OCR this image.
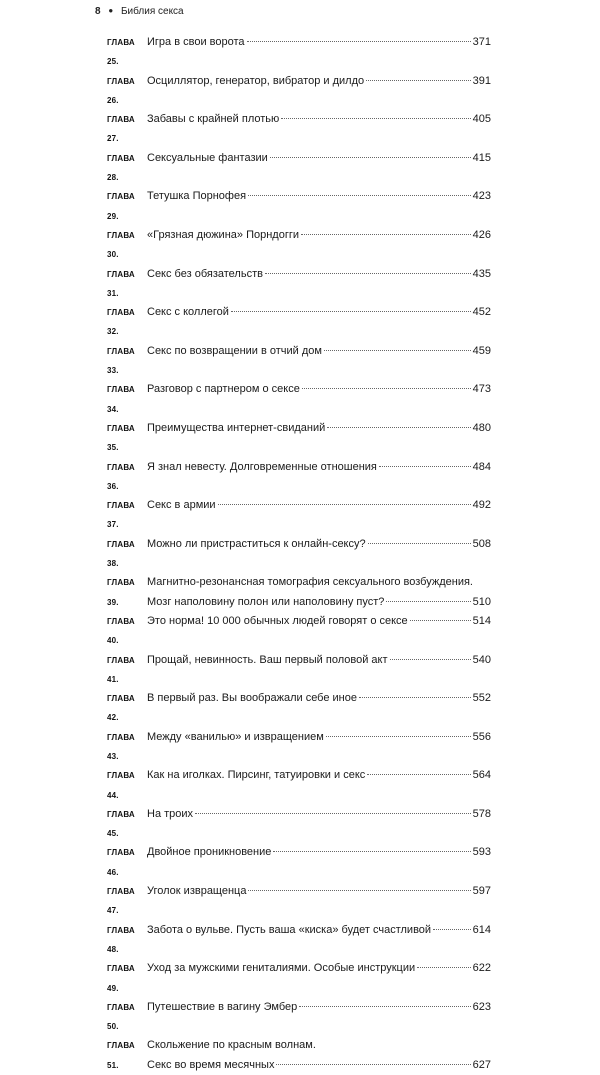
8 ● Библия секса
ГЛАВА 25.
Игра в свои ворота	371
ГЛАВА 26.
Осциллятор, генератор, вибратор и дилдо	391
ГЛАВА 27.
Забавы с крайней плотью	405
ГЛАВА 28.
Сексуальные фантазии	415
ГЛАВА 29.
Тетушка Порнофея	423
ГЛАВА 30.
«Грязная дюжина» Порндогги	426
ГЛАВА 31.
Секс без обязательств	435
ГЛАВА 32.
Секс с коллегой	452
ГЛАВА 33.
Секс по возвращении в отчий дом	459
ГЛАВА 34.
Разговор с партнером о сексе	473
ГЛАВА 35.
Преимущества интернет-свиданий	480
ГЛАВА 36.
Я знал невесту. Долговременные отношения	484
ГЛАВА 37.
Секс в армии	492
ГЛАВА 38.
Можно ли пристраститься к онлайн-сексу?	508
ГЛАВА 39.
Магнитно-резонансная томография сексуального возбуждения.
Мозг наполовину полон или наполовину пуст?	510
ГЛАВА 40.
Это норма! 10 000 обычных людей говорят о сексе	514
ГЛАВА 41.
Прощай, невинность. Ваш первый половой акт	540
ГЛАВА 42.
В первый раз. Вы воображали себе иное	552
ГЛАВА 43.
Между «ванилью» и извращением	556
ГЛАВА 44.
Как на иголках. Пирсинг, татуировки и секс	564
ГЛАВА 45.
На троих	578
ГЛАВА 46.
Двойное проникновение	593
ГЛАВА 47.
Уголок извращенца	597
ГЛАВА 48.
Забота о вульве. Пусть ваша «киска» будет счастливой	614
ГЛАВА 49.
Уход за мужскими гениталиями. Особые инструкции	622
ГЛАВА 50.
Путешествие в вагину Эмбер	623
ГЛАВА 51.
Скольжение по красным волнам.
Секс во время месячных	627
